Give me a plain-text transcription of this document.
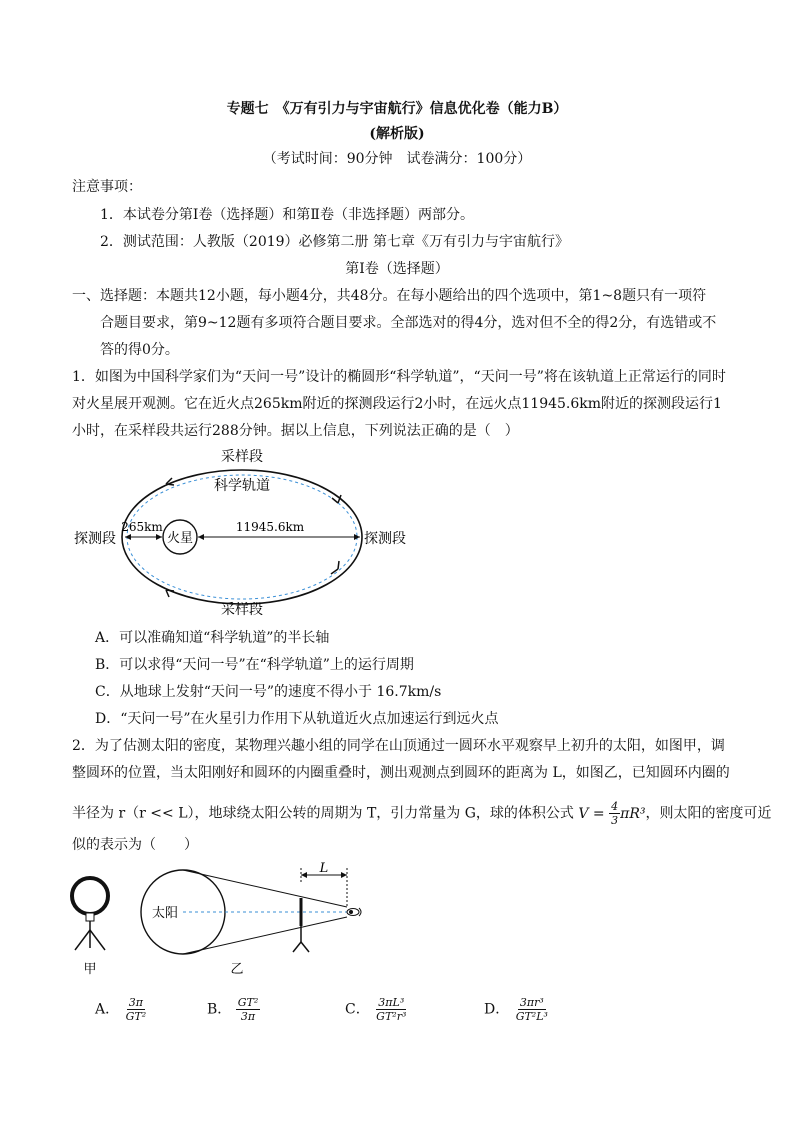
专题七　《万有引力与宇宙航行》信息优化卷（能力B）
(解析版)
（考试时间：90分钟　试卷满分：100分）
注意事项：
1．本试卷分第Ⅰ卷（选择题）和第Ⅱ卷（非选择题）两部分。
2．测试范围：人教版（2019）必修第二册 第七章《万有引力与宇宙航行》
第Ⅰ卷（选择题）
一、选择题：本题共12小题，每小题4分，共48分。在每小题给出的四个选项中，第1~8题只有一项符
合题目要求，第9~12题有多项符合题目要求。全部选对的得4分，选对但不全的得2分，有选错或不
答的得0分。
1．如图为中国科学家们为“天问一号”设计的椭圆形“科学轨道”，“天问一号”将在该轨道上正常运行的同时
对火星展开观测。它在近火点265km附近的探测段运行2小时，在远火点11945.6km附近的探测段运行1
小时，在采样段共运行288分钟。据以上信息，下列说法正确的是（　）
采样段
科学轨道
探测段	探测段
采样段
火星
265km	11945.6km
A．可以准确知道“科学轨道”的半长轴
B．可以求得“天问一号”在“科学轨道”上的运行周期
C．从地球上发射“天问一号”的速度不得小于 16.7km/s
D．“天问一号”在火星引力作用下从轨道近火点加速运行到远火点
2．为了估测太阳的密度，某物理兴趣小组的同学在山顶通过一圆环水平观察早上初升的太阳，如图甲，调
整圆环的位置，当太阳刚好和圆环的内圈重叠时，测出观测点到圆环的距离为 L，如图乙，已知圆环内圈的
半径为 r（r << L），地球绕太阳公转的周期为 T，引力常量为 G，球的体积公式 $V = \frac{4}{3} \pi R^3$，则太阳的密度可近
似的表示为（　　）
甲
太阳
L
乙
A． $\frac{3\pi}{\text{GT²}}$	B． $\frac{\text{GT²}}{3\pi}$	C． $\frac{\text{3πL³}}{\text{GT²r³}}$	D． $\frac{\text{3πr³}}{\text{GT²L³}}$
